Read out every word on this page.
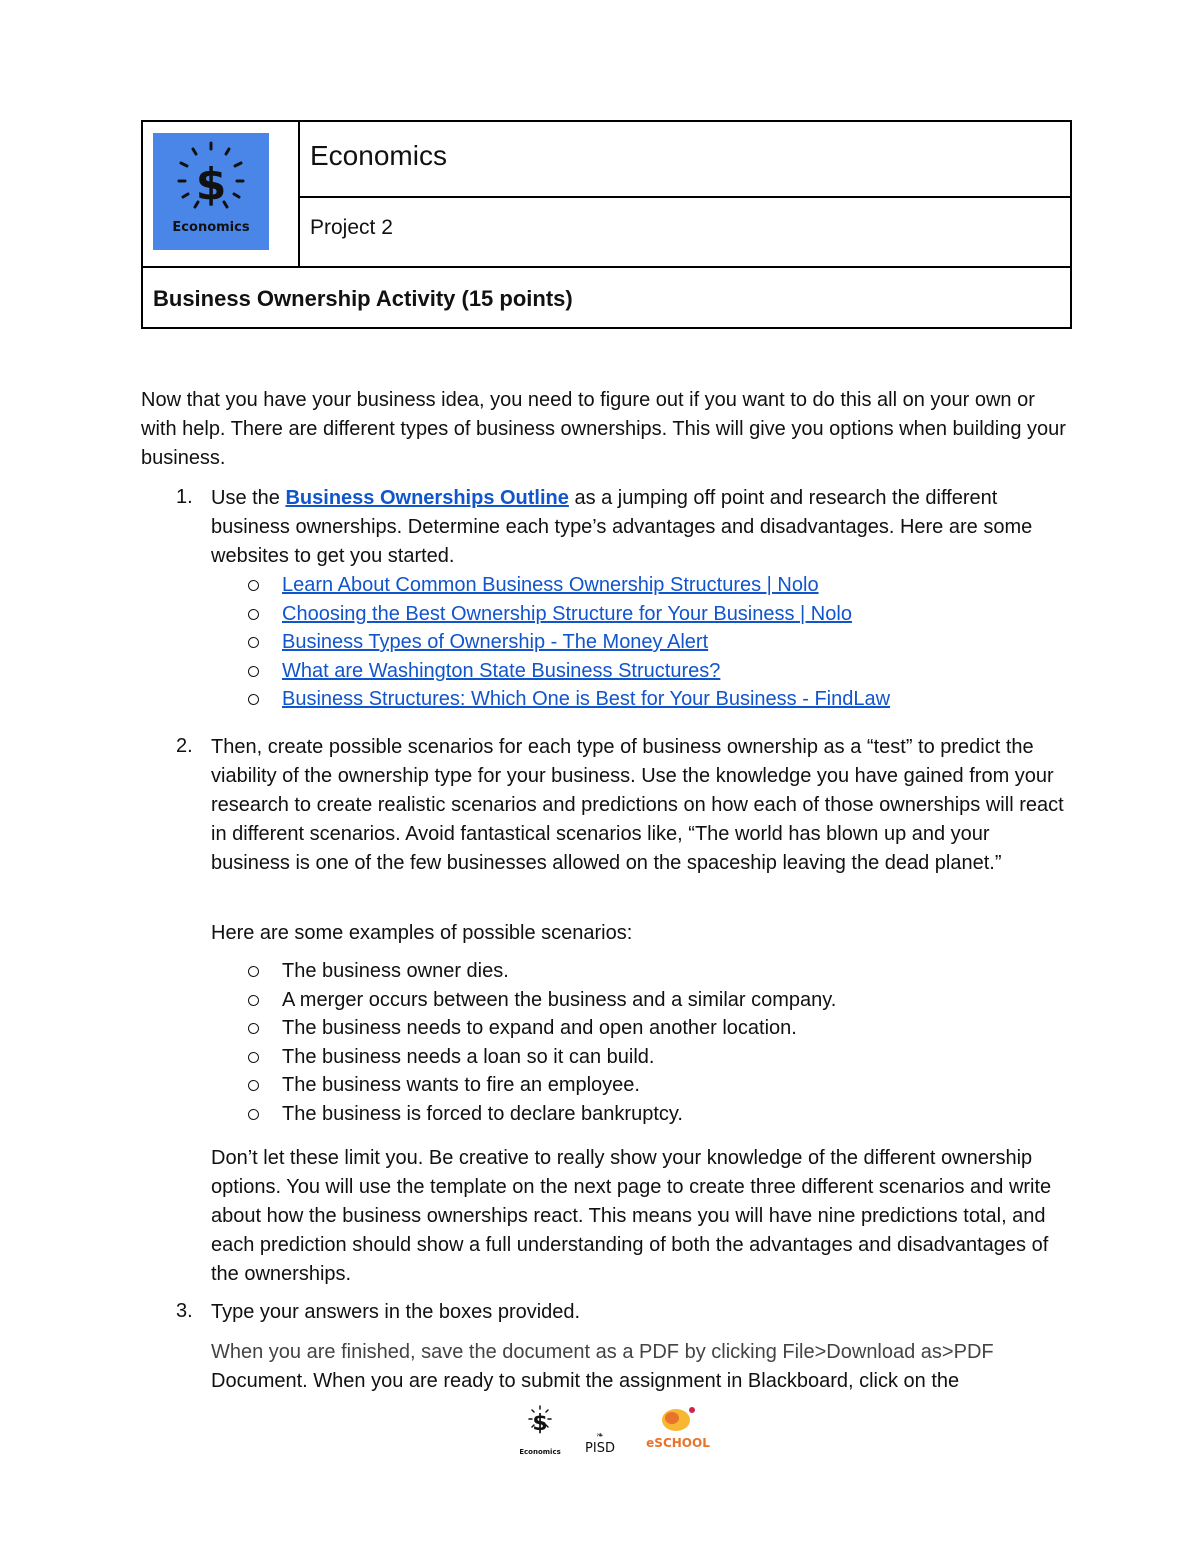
$
Economics
Economics
Project 2
Business Ownership Activity (15 points)
Now that you have your business idea, you need to figure out if you want to do this all on your own or with help. There are different types of business ownerships. This will give you options when building your business.
1. Use the Business Ownerships Outline as a jumping off point and research the different business ownerships. Determine each type’s advantages and disadvantages. Here are some websites to get you started.
Learn About Common Business Ownership Structures | Nolo
Choosing the Best Ownership Structure for Your Business | Nolo
Business Types of Ownership - The Money Alert
What are Washington State Business Structures?
Business Structures: Which One is Best for Your Business - FindLaw
2. Then, create possible scenarios for each type of business ownership as a “test” to predict the viability of the ownership type for your business. Use the knowledge you have gained from your research to create realistic scenarios and predictions on how each of those ownerships will react in different scenarios. Avoid fantastical scenarios like, “The world has blown up and your business is one of the few businesses allowed on the spaceship leaving the dead planet.”
Here are some examples of possible scenarios:
The business owner dies.
A merger occurs between the business and a similar company.
The business needs to expand and open another location.
The business needs a loan so it can build.
The business wants to fire an employee.
The business is forced to declare bankruptcy.
Don’t let these limit you. Be creative to really show your knowledge of the different ownership options. You will use the template on the next page to create three different scenarios and write about how the business ownerships react. This means you will have nine predictions total, and each prediction should show a full understanding of both the advantages and disadvantages of the ownerships.
3. Type your answers in the boxes provided.
When you are finished, save the document as a PDF by clicking File>Download as>PDF
Document. When you are ready to submit the assignment in Blackboard, click on the
$
Economics
❧
PISD	eSCHOOL
